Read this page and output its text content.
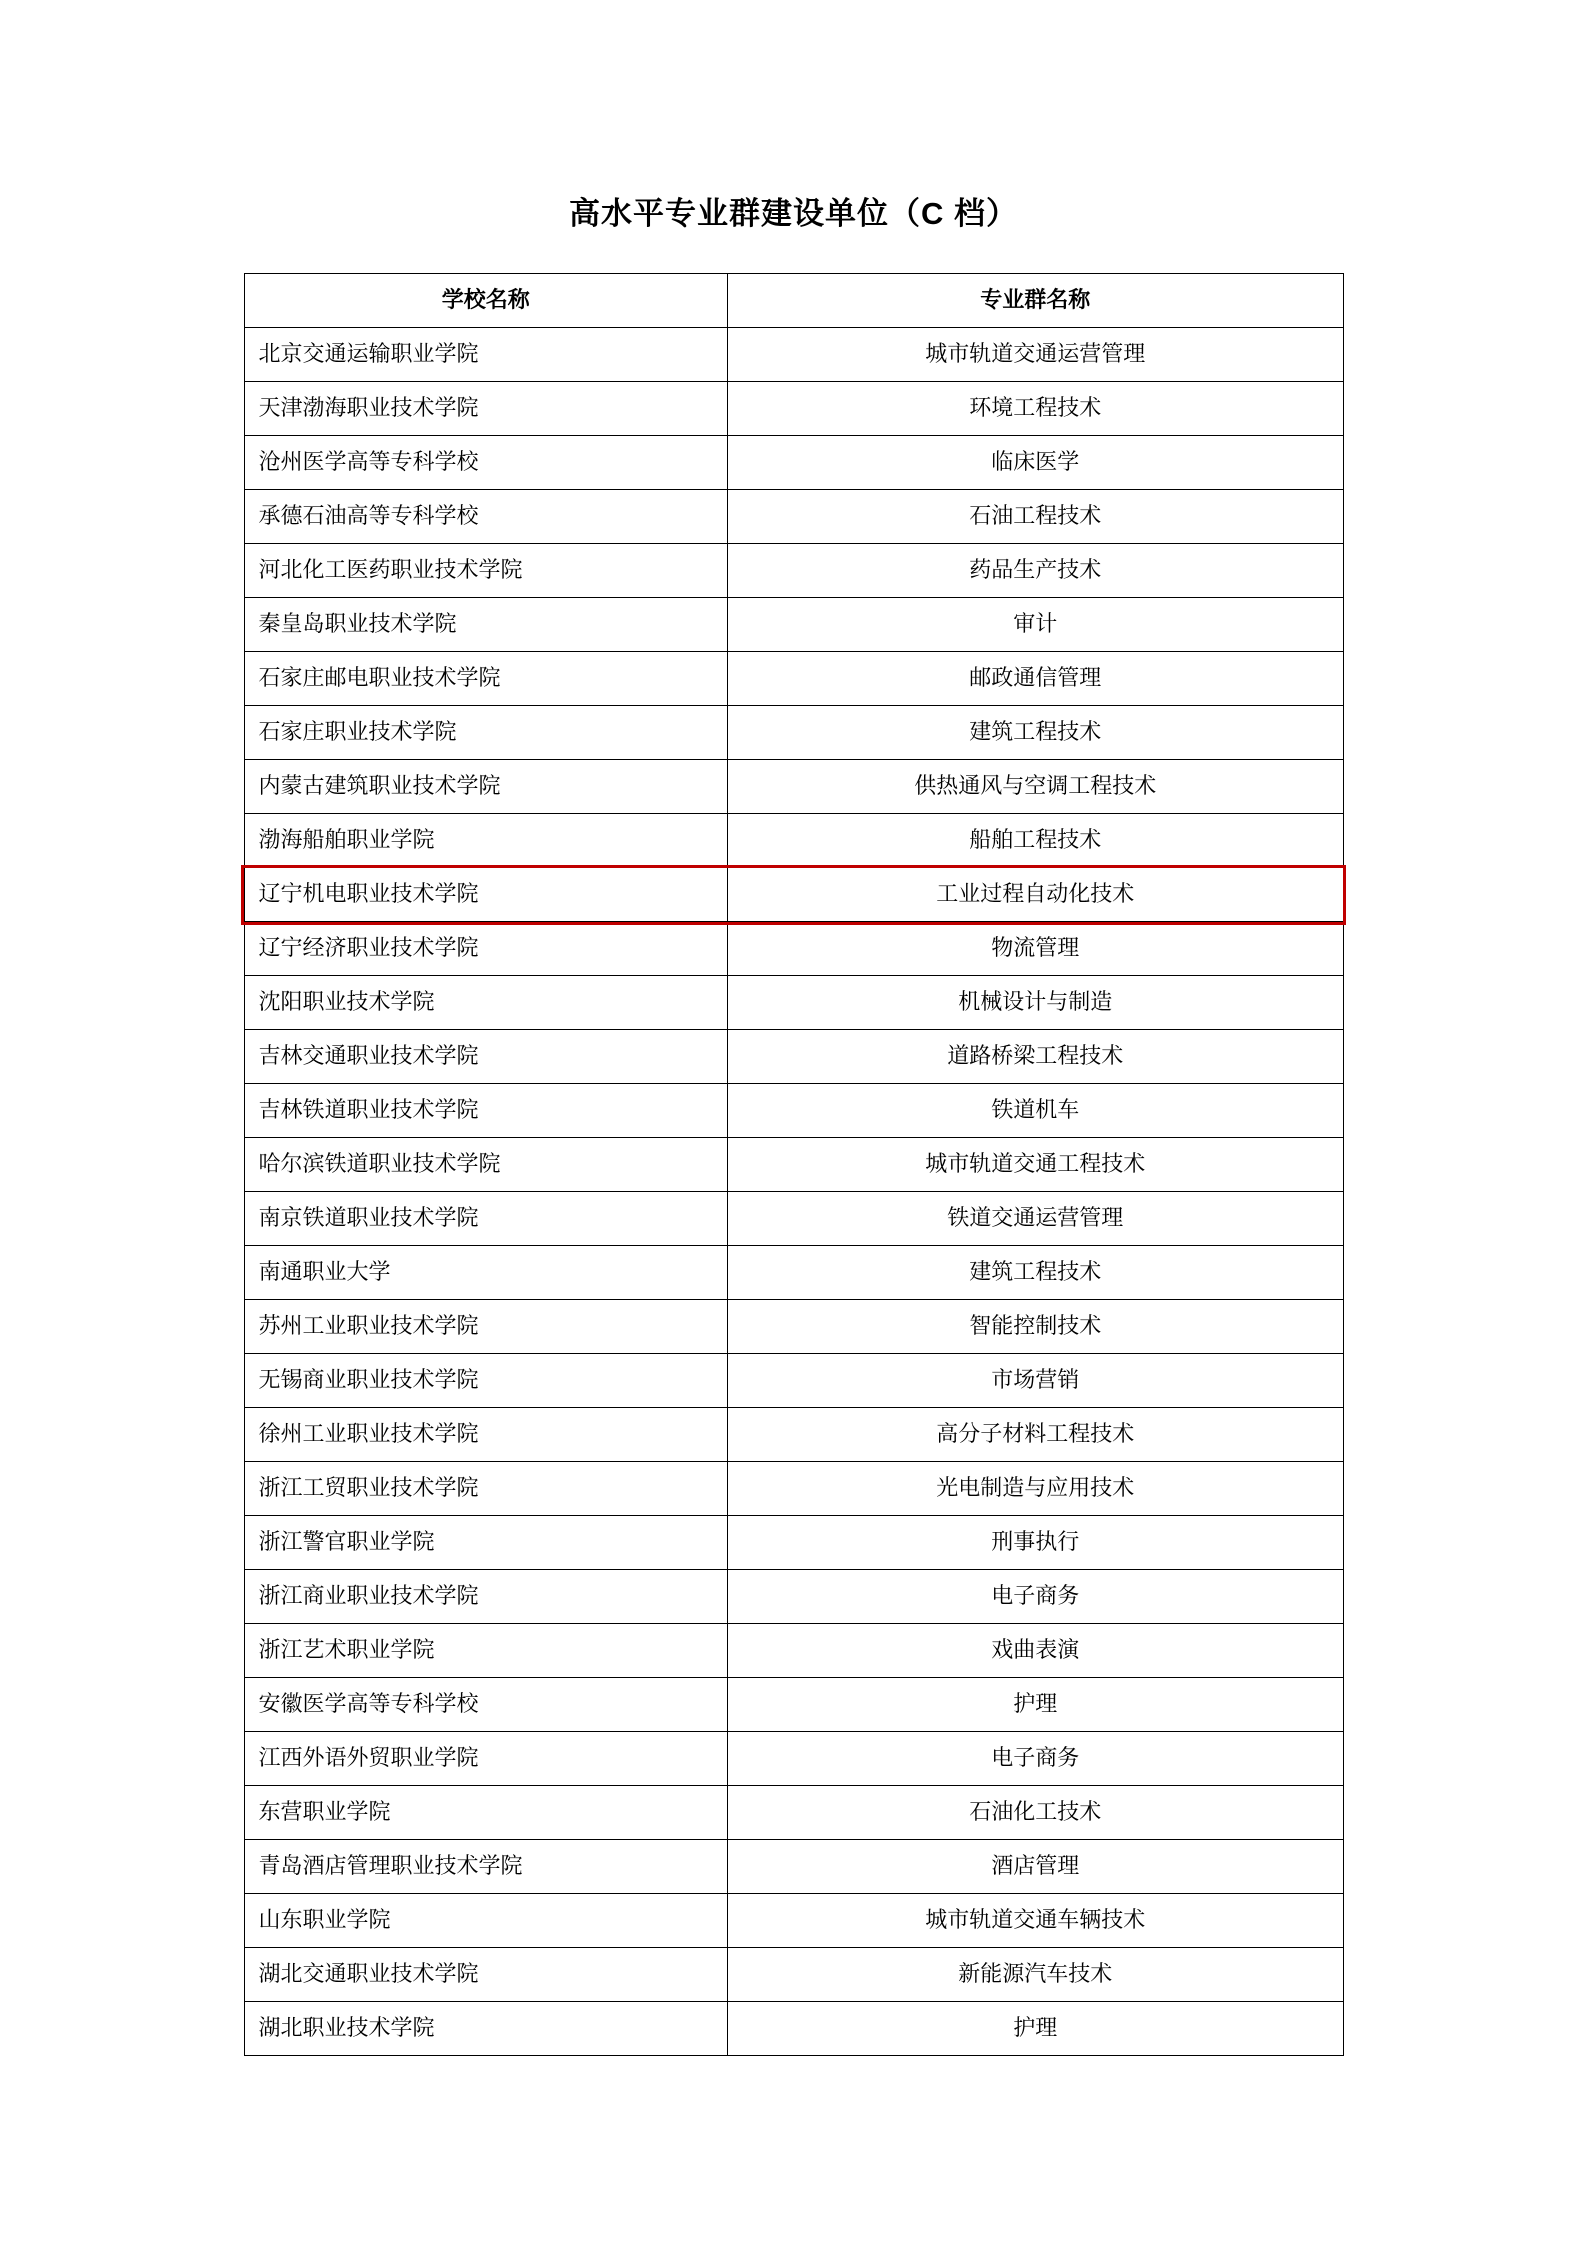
高水平专业群建设单位（C 档）
学校名称	专业群名称
北京交通运输职业学院	城市轨道交通运营管理
天津渤海职业技术学院	环境工程技术
沧州医学高等专科学校	临床医学
承德石油高等专科学校	石油工程技术
河北化工医药职业技术学院	药品生产技术
秦皇岛职业技术学院	审计
石家庄邮电职业技术学院	邮政通信管理
石家庄职业技术学院	建筑工程技术
内蒙古建筑职业技术学院	供热通风与空调工程技术
渤海船舶职业学院	船舶工程技术
辽宁机电职业技术学院	工业过程自动化技术
辽宁经济职业技术学院	物流管理
沈阳职业技术学院	机械设计与制造
吉林交通职业技术学院	道路桥梁工程技术
吉林铁道职业技术学院	铁道机车
哈尔滨铁道职业技术学院	城市轨道交通工程技术
南京铁道职业技术学院	铁道交通运营管理
南通职业大学	建筑工程技术
苏州工业职业技术学院	智能控制技术
无锡商业职业技术学院	市场营销
徐州工业职业技术学院	高分子材料工程技术
浙江工贸职业技术学院	光电制造与应用技术
浙江警官职业学院	刑事执行
浙江商业职业技术学院	电子商务
浙江艺术职业学院	戏曲表演
安徽医学高等专科学校	护理
江西外语外贸职业学院	电子商务
东营职业学院	石油化工技术
青岛酒店管理职业技术学院	酒店管理
山东职业学院	城市轨道交通车辆技术
湖北交通职业技术学院	新能源汽车技术
湖北职业技术学院	护理
